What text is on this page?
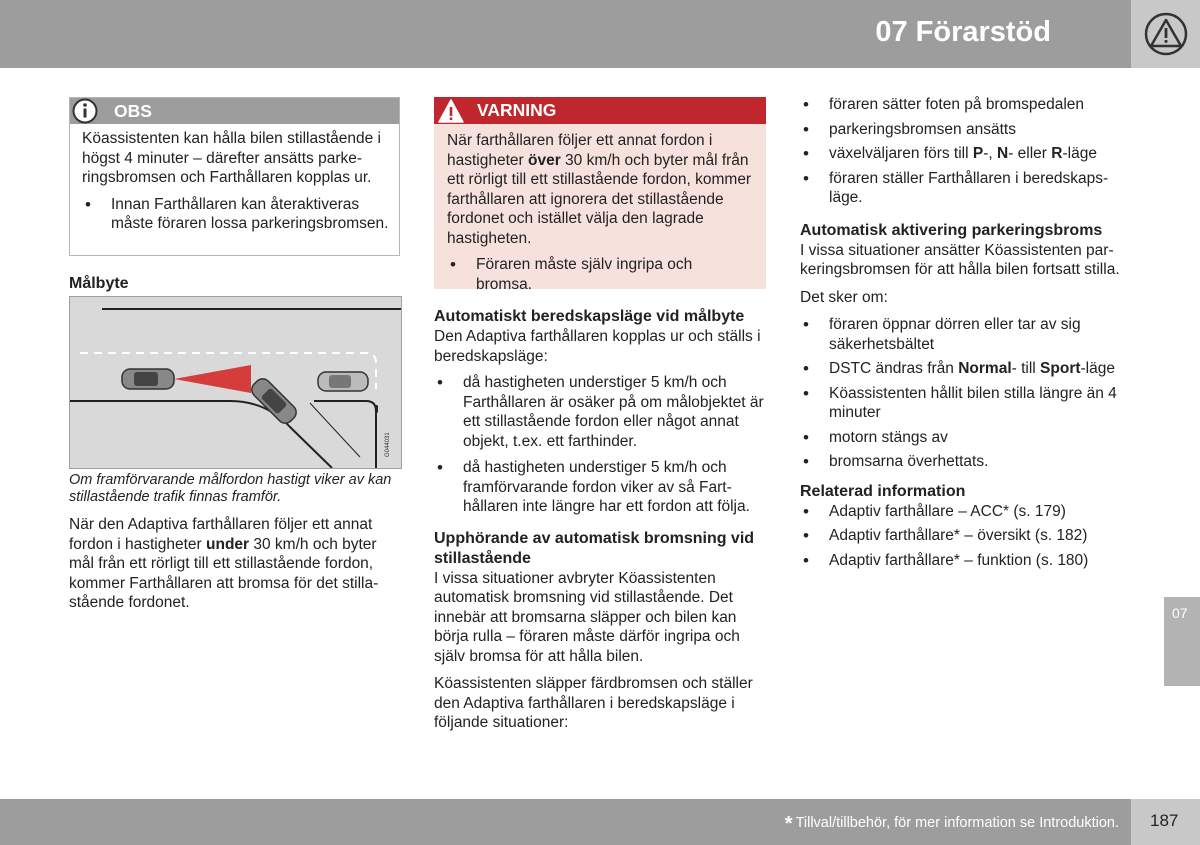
07 Förarstöd
OBS

Köassistenten kan hålla bilen stillastående i högst 4 minuter – därefter ansätts parkeringsbromsen och Farthållaren kopplas ur.

• Innan Farthållaren kan återaktiveras måste föraren lossa parkeringsbromsen.
Målbyte
G044031

Om framförvarande målfordon hastigt viker av kan stillastående trafik finnas framför.

När den Adaptiva farthållaren följer ett annat fordon i hastigheter under 30 km/h och byter mål från ett rörligt till ett stillastående fordon, kommer Farthållaren att bromsa för det stillastående fordonet.

VARNING

När farthållaren följer ett annat fordon i hastigheter över 30 km/h och byter mål från ett rörligt till ett stillastående fordon, kommer farthållaren att ignorera det stillastående fordonet och istället välja den lagrade hastigheten.

• Föraren måste själv ingripa och bromsa.
Automatiskt beredskapsläge vid målbyte

Den Adaptiva farthållaren kopplas ur och ställs i beredskapsläge:

• då hastigheten understiger 5 km/h och Farthållaren är osäker på om målobjektet är ett stillastående fordon eller något annat objekt, t.ex. ett farthinder.
• då hastigheten understiger 5 km/h och framförvarande fordon viker av så Farthållaren inte längre har ett fordon att följa.
Upphörande av automatisk bromsning vid stillastående

I vissa situationer avbryter Köassistenten automatisk bromsning vid stillastående. Det innebär att bromsarna släpper och bilen kan börja rulla – föraren måste därför ingripa och själv bromsa för att hålla bilen.

Köassistenten släpper färdbromsen och ställer den Adaptiva farthållaren i beredskapsläge i följande situationer:

• föraren sätter foten på bromspedalen
• parkeringsbromsen ansätts
• växelväljaren förs till P-, N- eller R-läge
• föraren ställer Farthållaren i beredskapsläge.
Automatisk aktivering parkeringsbroms

I vissa situationer ansätter Köassistenten parkeringsbromsen för att hålla bilen fortsatt stilla.

Det sker om:

• föraren öppnar dörren eller tar av sig säkerhetsbältet
• DSTC ändras från Normal- till Sport-läge
• Köassistenten hållit bilen stilla längre än 4 minuter
• motorn stängs av
• bromsarna överhettats.
Relaterad information
• Adaptiv farthållare – ACC* (s. 179)
• Adaptiv farthållare* – översikt (s. 182)
• Adaptiv farthållare* – funktion (s. 180)
07
* Tillval/tillbehör, för mer information se Introduktion. 187
